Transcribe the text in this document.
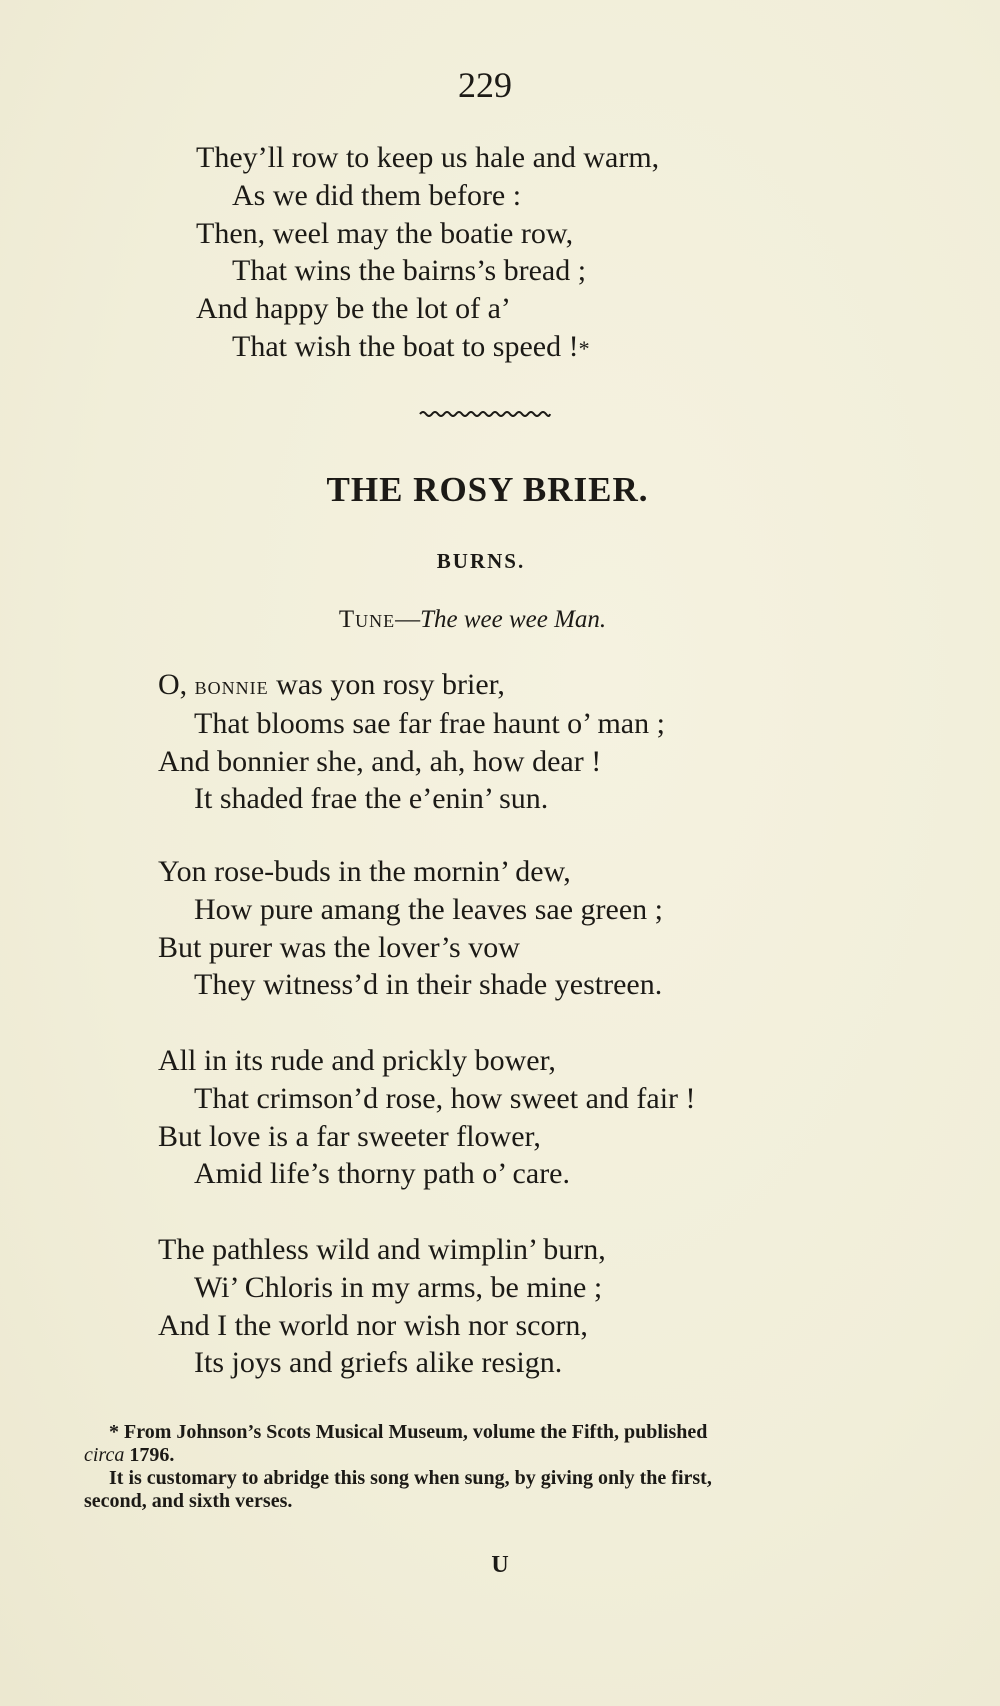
229
They’ll row to keep us hale and warm,
As we did them before :
Then, weel may the boatie row,
That wins the bairns’s bread ;
And happy be the lot of a’
That wish the boat to speed !*
THE ROSY BRIER.
BURNS.
Tune—The wee wee Man.
O, bonnie was yon rosy brier,
That blooms sae far frae haunt o’ man ;
And bonnier she, and, ah, how dear !
It shaded frae the e’enin’ sun.
Yon rose-buds in the mornin’ dew,
How pure amang the leaves sae green ;
But purer was the lover’s vow
They witness’d in their shade yestreen.
All in its rude and prickly bower,
That crimson’d rose, how sweet and fair !
But love is a far sweeter flower,
Amid life’s thorny path o’ care.
The pathless wild and wimplin’ burn,
Wi’ Chloris in my arms, be mine ;
And I the world nor wish nor scorn,
Its joys and griefs alike resign.
* From Johnson’s Scots Musical Museum, volume the Fifth, published
circa 1796.
It is customary to abridge this song when sung, by giving only the first,
second, and sixth verses.
U
